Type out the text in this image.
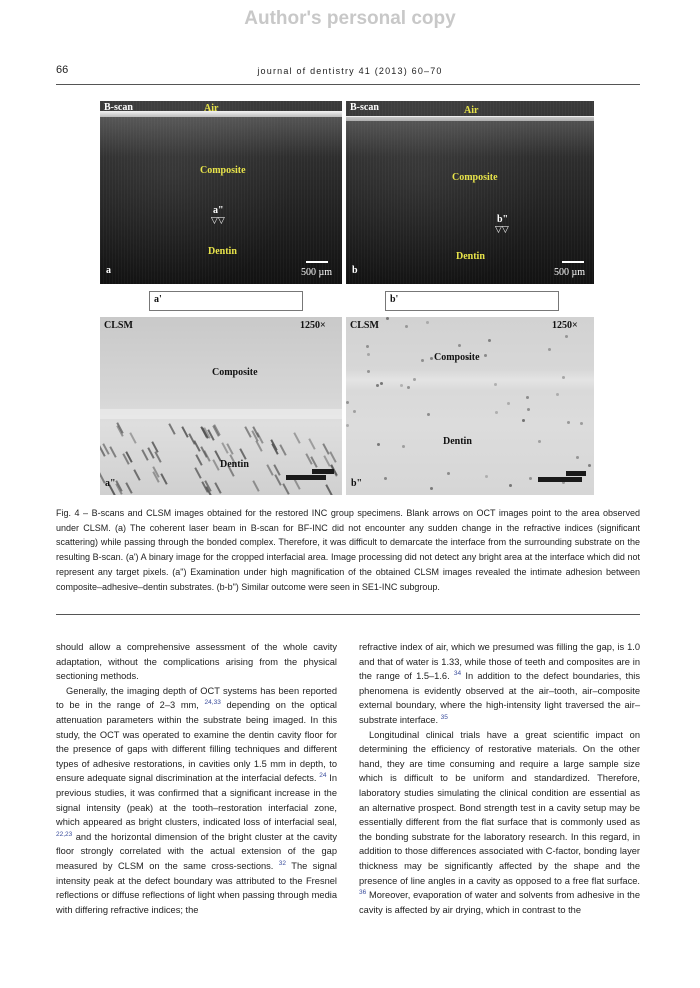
Author's personal copy
66	journal of dentistry 41 (2013) 60–70
B-scan	Air
Composite
a"
▽▽
Dentin
a	500 µm
B-scan	Air
Composite
b"
▽▽
Dentin
b	500 µm
a'	b'
CLSM	1250×
Composite
Dentin
a"
CLSM	1250×
Composite
Dentin
b"
Fig. 4 – B-scans and CLSM images obtained for the restored INC group specimens. Blank arrows on OCT images point to the area observed under CLSM. (a) The coherent laser beam in B-scan for BF-INC did not encounter any sudden change in the refractive indices (significant scattering) while passing through the bonded complex. Therefore, it was difficult to demarcate the interface from the surrounding substrate on the resulting B-scan. (a') A binary image for the cropped interfacial area. Image processing did not detect any bright area at the interface which did not represent any target pixels. (a") Examination under high magnification of the obtained CLSM images revealed the intimate adhesion between composite–adhesive–dentin substrates. (b-b") Similar outcome were seen in SE1-INC subgroup.

should allow a comprehensive assessment of the whole cavity adaptation, without the complications arising from the physical sectioning methods.

Generally, the imaging depth of OCT systems has been reported to be in the range of 2–3 mm, $^{24,33}$ depending on the optical attenuation parameters within the substrate being imaged. In this study, the OCT was operated to examine the dentin cavity floor for the presence of gaps with different filling techniques and different types of adhesive restorations, in cavities only 1.5 mm in depth, to ensure adequate signal discrimination at the interfacial defects. $^{24}$ In previous studies, it was confirmed that a significant increase in the signal intensity (peak) at the tooth–restoration interfacial zone, which appeared as bright clusters, indicated loss of interfacial seal, $^{22,23}$ and the horizontal dimension of the bright cluster at the cavity floor strongly correlated with the actual extension of the gap measured by CLSM on the same cross-sections. $^{32}$ The signal intensity peak at the defect boundary was attributed to the Fresnel reflections or diffuse reflections of light when passing through media with differing refractive indices; the

refractive index of air, which we presumed was filling the gap, is 1.0 and that of water is 1.33, while those of teeth and composites are in the range of 1.5–1.6. $^{34}$ In addition to the defect boundaries, this phenomena is evidently observed at the air–tooth, air–composite external boundary, where the high-intensity light traversed the air–substrate interface. $^{35}$

Longitudinal clinical trials have a great scientific impact on determining the efficiency of restorative materials. On the other hand, they are time consuming and require a large sample size which is difficult to be uniform and standardized. Therefore, laboratory studies simulating the clinical condition are essential as an alternative prospect. Bond strength test in a cavity setup may be essentially different from the flat surface that is commonly used as the bonding substrate for the laboratory research. In this regard, in addition to those differences associated with C-factor, bonding layer thickness may be significantly affected by the shape and the presence of line angles in a cavity as opposed to a free flat surface. $^{36}$ Moreover, evaporation of water and solvents from adhesive in the cavity is affected by air drying, which in contrast to the
